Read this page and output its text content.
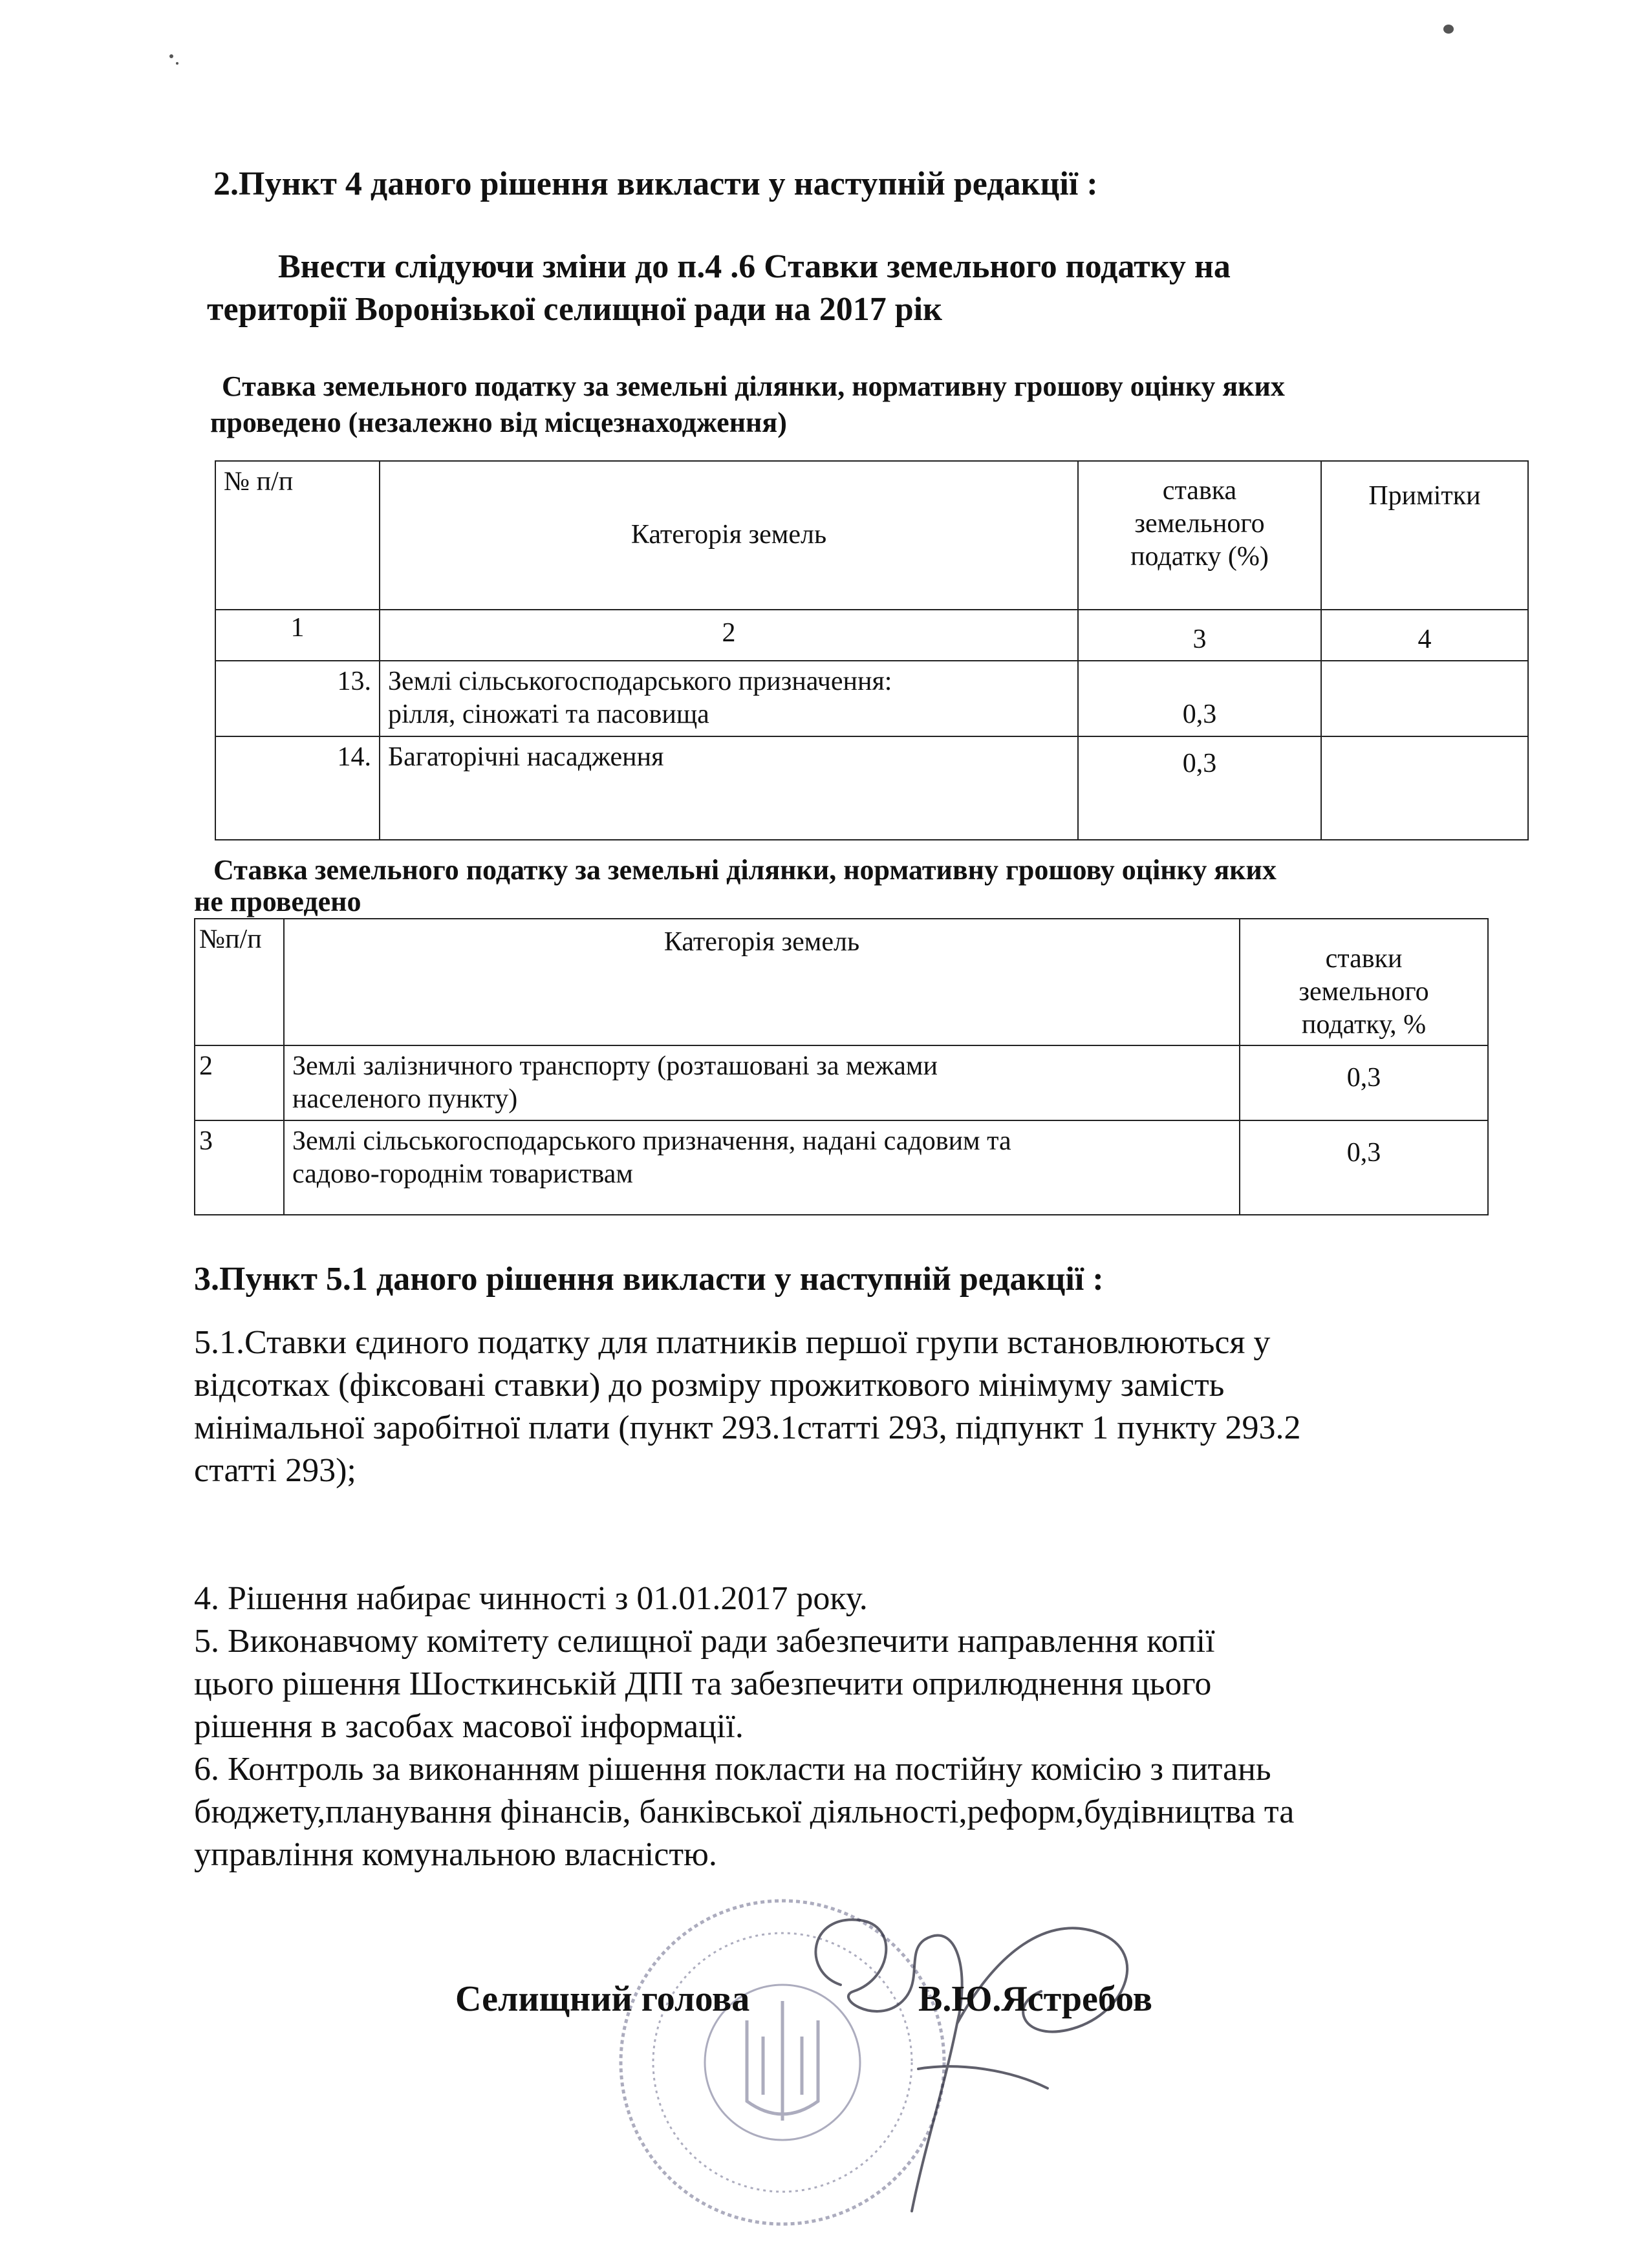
2.Пункт 4 даного рішення викласти у наступній редакції :
Внести слідуючи зміни до п.4 .6 Ставки земельного податку на
території Воронізької селищної ради на 2017 рік
Ставка земельного податку за земельні ділянки, нормативну грошову оцінку яких
проведено (незалежно від місцезнаходження)
№ п/п	Категорія земель	ставка земельного податку (%)	Примітки
1	2	3	4
13.	Землі сільськогосподарського призначення:
рілля, сіножаті та пасовища	0,3	
14.	Багаторічні насадження	0,3	
Ставка земельного податку за земельні ділянки, нормативну грошову оцінку яких
не проведено
№п/п	Категорія земель	ставки земельного податку, %
2	Землі залізничного транспорту (розташовані за межами
населеного пункту)	0,3
3	Землі сільськогосподарського призначення, надані садовим та
садово-городнім товариствам	0,3
3.Пункт 5.1 даного рішення викласти у наступній редакції :
5.1.Ставки єдиного податку для платників першої групи встановлюються у
відсотках (фіксовані ставки) до розміру прожиткового мінімуму замість
мінімальної заробітної плати (пункт 293.1статті 293, підпункт 1 пункту 293.2
статті 293);
4. Рішення набирає чинності з 01.01.2017 року.
5. Виконавчому комітету селищної ради забезпечити направлення копії
цього рішення Шосткинській ДПІ та забезпечити оприлюднення цього
рішення в засобах масової інформації.
6. Контроль за виконанням рішення покласти на постійну комісію з питань
бюджету,планування фінансів, банківської діяльності,реформ,будівництва та
управління комунальною власністю.
Селищний голова	В.Ю.Ястребов
